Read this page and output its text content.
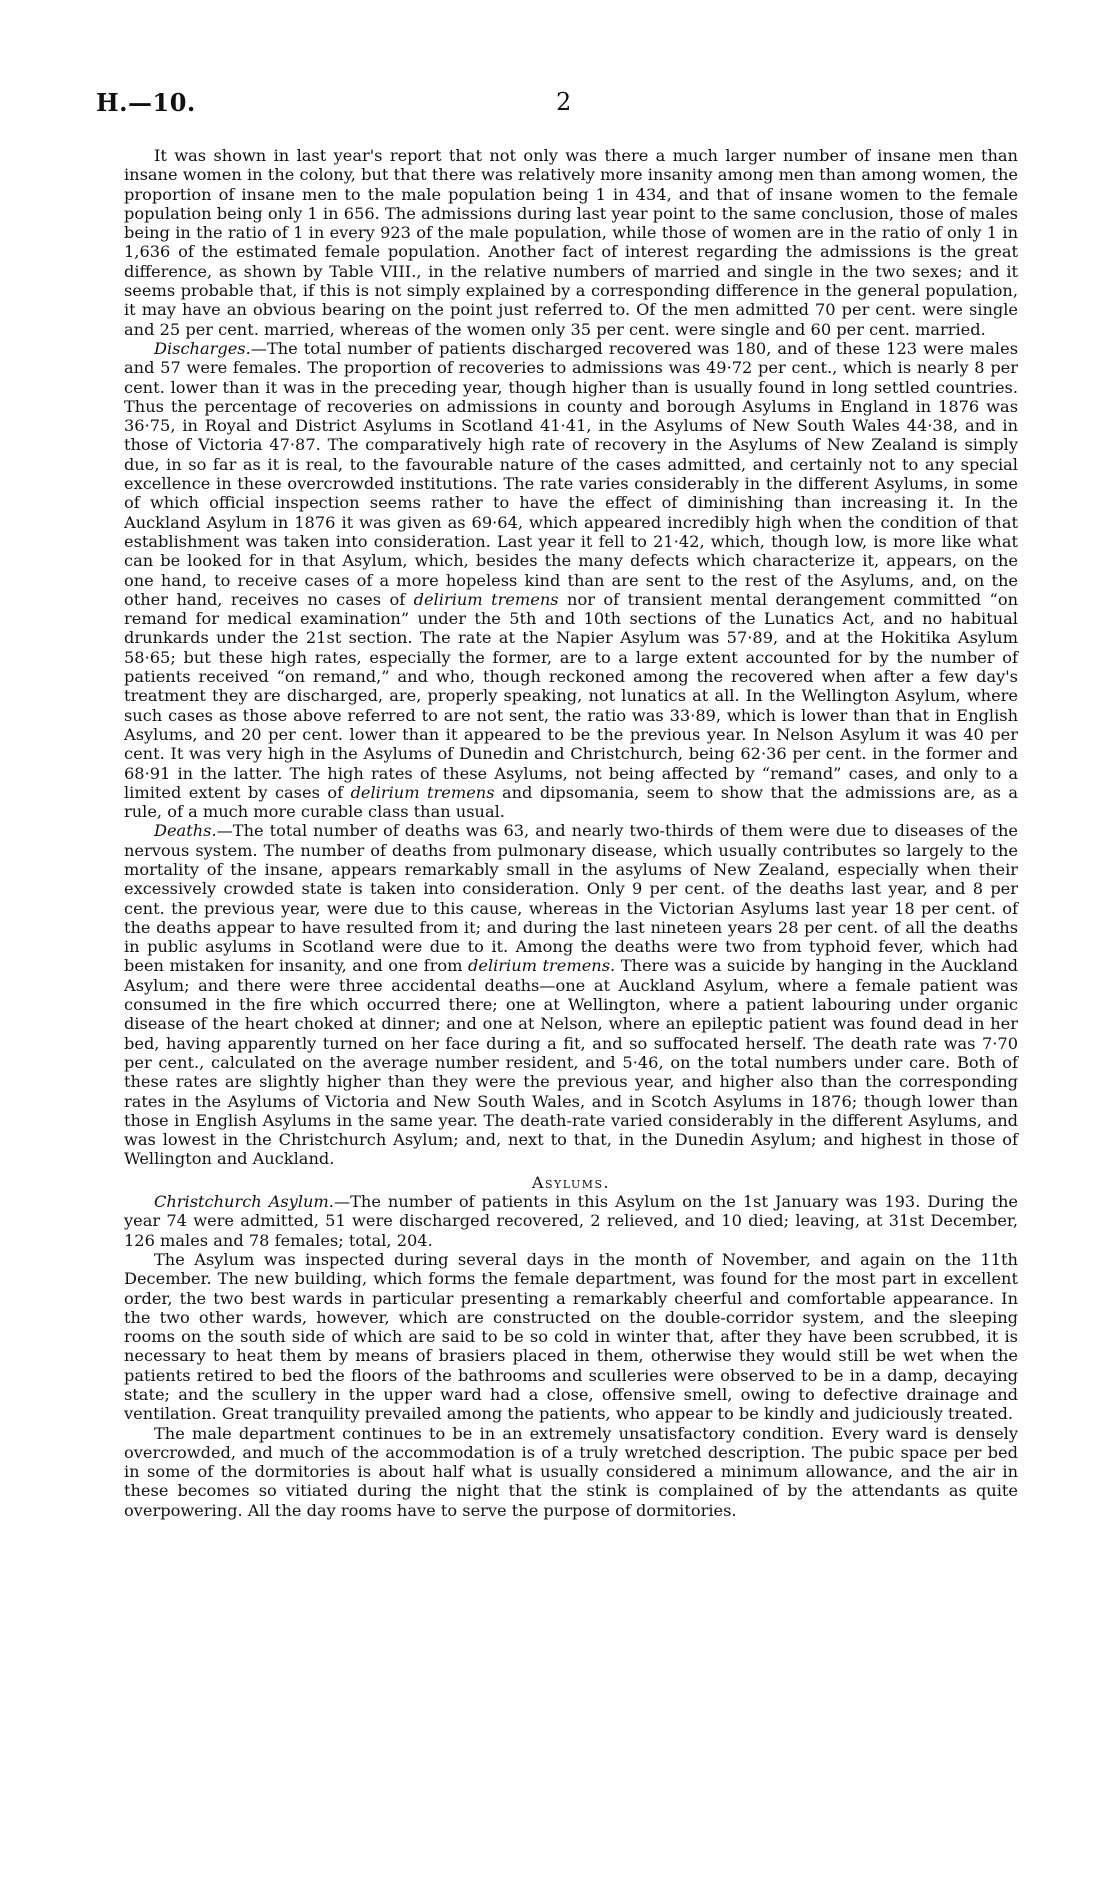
H.—10.	2

It was shown in last year's report that not only was there a much larger number of insane men than insane women in the colony, but that there was relatively more insanity among men than among women, the proportion of insane men to the male population being 1 in 434, and that of insane women to the female population being only 1 in 656. The admissions during last year point to the same conclusion, those of males being in the ratio of 1 in every 923 of the male population, while those of women are in the ratio of only 1 in 1,636 of the estimated female population. Another fact of interest regarding the admissions is the great difference, as shown by Table VIII., in the relative numbers of married and single in the two sexes; and it seems probable that, if this is not simply explained by a corresponding difference in the general population, it may have an obvious bearing on the point just referred to. Of the men admitted 70 per cent. were single and 25 per cent. married, whereas of the women only 35 per cent. were single and 60 per cent. married.

Discharges.—The total number of patients discharged recovered was 180, and of these 123 were males and 57 were females. The proportion of recoveries to admissions was 49·72 per cent., which is nearly 8 per cent. lower than it was in the preceding year, though higher than is usually found in long settled countries. Thus the percentage of recoveries on admissions in county and borough Asylums in England in 1876 was 36·75, in Royal and District Asylums in Scotland 41·41, in the Asylums of New South Wales 44·38, and in those of Victoria 47·87. The comparatively high rate of recovery in the Asylums of New Zealand is simply due, in so far as it is real, to the favourable nature of the cases admitted, and certainly not to any special excellence in these overcrowded institutions. The rate varies considerably in the different Asylums, in some of which official inspection seems rather to have the effect of diminishing than increasing it. In the Auckland Asylum in 1876 it was given as 69·64, which appeared incredibly high when the condition of that establishment was taken into consideration. Last year it fell to 21·42, which, though low, is more like what can be looked for in that Asylum, which, besides the many defects which characterize it, appears, on the one hand, to receive cases of a more hopeless kind than are sent to the rest of the Asylums, and, on the other hand, receives no cases of delirium tremens nor of transient mental derangement committed “on remand for medical examination” under the 5th and 10th sections of the Lunatics Act, and no habitual drunkards under the 21st section. The rate at the Napier Asylum was 57·89, and at the Hokitika Asylum 58·65; but these high rates, especially the former, are to a large extent accounted for by the number of patients received “on remand,” and who, though reckoned among the recovered when after a few day's treatment they are discharged, are, properly speaking, not lunatics at all. In the Wellington Asylum, where such cases as those above referred to are not sent, the ratio was 33·89, which is lower than that in English Asylums, and 20 per cent. lower than it appeared to be the previous year. In Nelson Asylum it was 40 per cent. It was very high in the Asylums of Dunedin and Christchurch, being 62·36 per cent. in the former and 68·91 in the latter. The high rates of these Asylums, not being affected by “remand” cases, and only to a limited extent by cases of delirium tremens and dipsomania, seem to show that the admissions are, as a rule, of a much more curable class than usual.

Deaths.—The total number of deaths was 63, and nearly two-thirds of them were due to diseases of the nervous system. The number of deaths from pulmonary disease, which usually contributes so largely to the mortality of the insane, appears remarkably small in the asylums of New Zealand, especially when their excessively crowded state is taken into consideration. Only 9 per cent. of the deaths last year, and 8 per cent. the previous year, were due to this cause, whereas in the Victorian Asylums last year 18 per cent. of the deaths appear to have resulted from it; and during the last nineteen years 28 per cent. of all the deaths in public asylums in Scotland were due to it. Among the deaths were two from typhoid fever, which had been mistaken for insanity, and one from delirium tremens. There was a suicide by hanging in the Auckland Asylum; and there were three accidental deaths—one at Auckland Asylum, where a female patient was consumed in the fire which occurred there; one at Wellington, where a patient labouring under organic disease of the heart choked at dinner; and one at Nelson, where an epileptic patient was found dead in her bed, having apparently turned on her face during a fit, and so suffocated herself. The death rate was 7·70 per cent., calculated on the average number resident, and 5·46, on the total numbers under care. Both of these rates are slightly higher than they were the previous year, and higher also than the corresponding rates in the Asylums of Victoria and New South Wales, and in Scotch Asylums in 1876; though lower than those in English Asylums in the same year. The death-rate varied considerably in the different Asylums, and was lowest in the Christchurch Asylum; and, next to that, in the Dunedin Asylum; and highest in those of Wellington and Auckland.

Asylums.

Christchurch Asylum.—The number of patients in this Asylum on the 1st January was 193. During the year 74 were admitted, 51 were discharged recovered, 2 relieved, and 10 died; leaving, at 31st December, 126 males and 78 females; total, 204.

The Asylum was inspected during several days in the month of November, and again on the 11th December. The new building, which forms the female department, was found for the most part in excellent order, the two best wards in particular presenting a remarkably cheerful and comfortable appearance. In the two other wards, however, which are constructed on the double-corridor system, and the sleeping rooms on the south side of which are said to be so cold in winter that, after they have been scrubbed, it is necessary to heat them by means of brasiers placed in them, otherwise they would still be wet when the patients retired to bed the floors of the bathrooms and sculleries were observed to be in a damp, decaying state; and the scullery in the upper ward had a close, offensive smell, owing to defective drainage and ventilation. Great tranquility prevailed among the patients, who appear to be kindly and judiciously treated.

The male department continues to be in an extremely unsatisfactory condition. Every ward is densely overcrowded, and much of the accommodation is of a truly wretched description. The pubic space per bed in some of the dormitories is about half what is usually considered a minimum allowance, and the air in these becomes so vitiated during the night that the stink is complained of by the attendants as quite overpowering. All the day rooms have to serve the purpose of dormitories.
